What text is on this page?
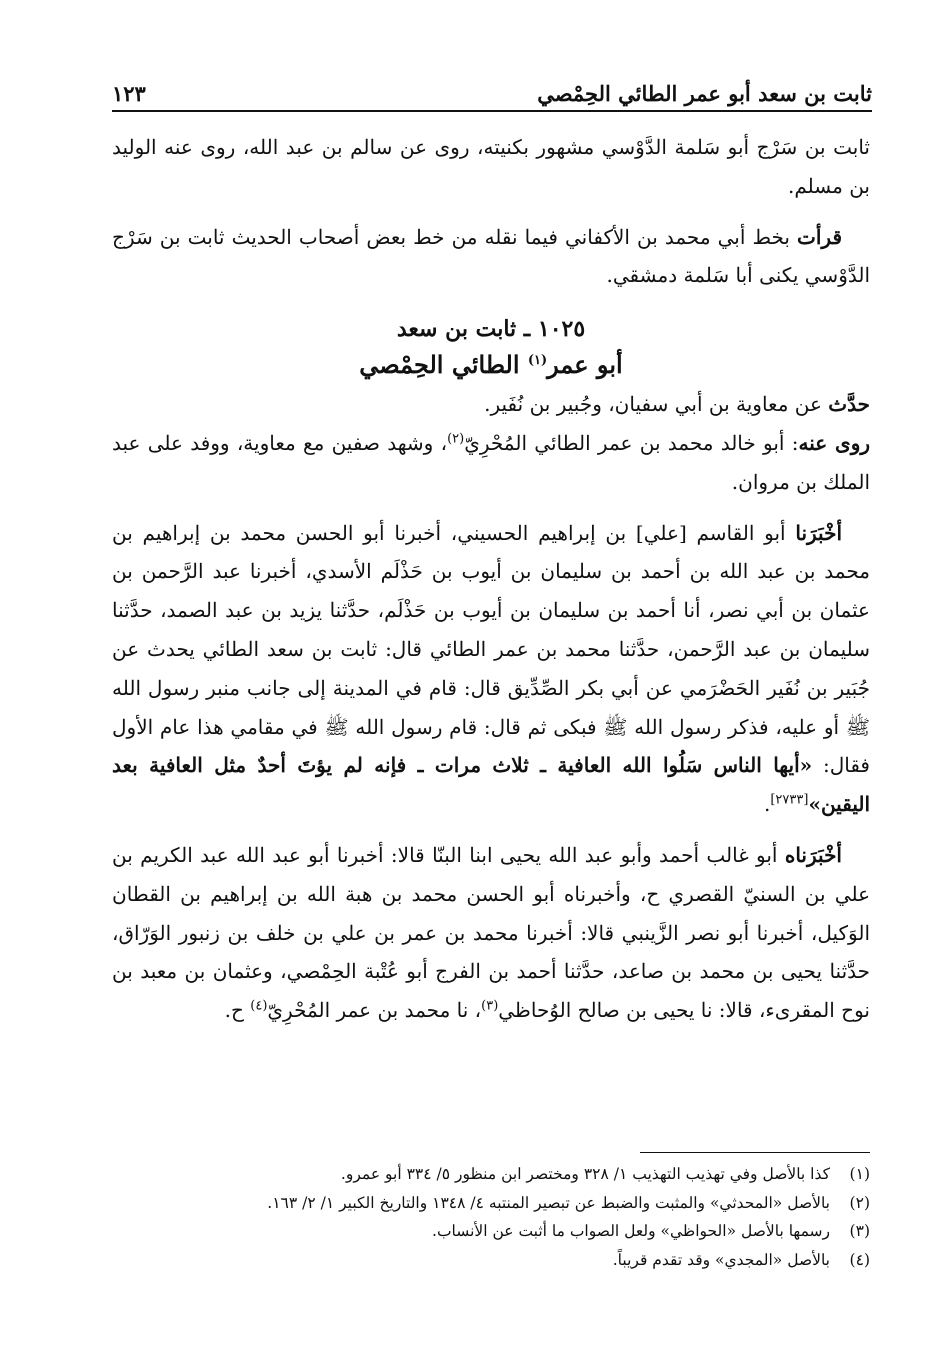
ثابت بن سعد أبو عمر الطائي الحِمْصي
١٢٣

ثابت بن سَرْج أبو سَلمة الدَّوْسي مشهور بكنيته، روى عن سالم بن عبد الله، روى عنه الوليد بن مسلم.

قرأت بخط أبي محمد بن الأكفاني فيما نقله من خط بعض أصحاب الحديث ثابت بن سَرْج الدَّوْسي يكنى أبا سَلمة دمشقي.

١٠٢٥ ـ ثابت بن سعد
أبو عمر$^{(١)}$ الطائي الحِمْصي

حدَّث عن معاوية بن أبي سفيان، وجُبير بن نُفَير.

روى عنه: أبو خالد محمد بن عمر الطائي المُحْرِيّ$^{(٢)}$، وشهد صفين مع معاوية، ووفد على عبد الملك بن مروان.

أخْبَرَنا أبو القاسم [علي] بن إبراهيم الحسيني، أخبرنا أبو الحسن محمد بن إبراهيم بن محمد بن عبد الله بن أحمد بن سليمان بن أيوب بن حَذْلَم الأسدي، أخبرنا عبد الرَّحمن بن عثمان بن أبي نصر، أنا أحمد بن سليمان بن أيوب بن حَذْلَم، حدَّثنا يزيد بن عبد الصمد، حدَّثنا سليمان بن عبد الرَّحمن، حدَّثنا محمد بن عمر الطائي قال: ثابت بن سعد الطائي يحدث عن جُبَير بن نُفَير الحَضْرَمي عن أبي بكر الصِّدِّيق قال: قام في المدينة إلى جانب منبر رسول الله ﷺ أو عليه، فذكر رسول الله ﷺ فبكى ثم قال: قام رسول الله ﷺ في مقامي هذا عام الأول فقال: «أيها الناس سَلُوا الله العافية ـ ثلاث مرات ـ فإنه لم يؤتَ أحدٌ مثل العافية بعد اليقين»[٢٧٣٣].

أخْبَرَناه أبو غالب أحمد وأبو عبد الله يحيى ابنا البنّا قالا: أخبرنا أبو عبد الله عبد الكريم بن علي بن السنيّ القصري ح، وأخبرناه أبو الحسن محمد بن هبة الله بن إبراهيم بن القطان الوَكيل، أخبرنا أبو نصر الزَّينبي قالا: أخبرنا محمد بن عمر بن علي بن خلف بن زنبور الوَرّاق، حدَّثنا يحيى بن محمد بن صاعد، حدَّثنا أحمد بن الفرج أبو عُتْبة الحِمْصي، وعثمان بن معبد بن نوح المقرىء، قالا: نا يحيى بن صالح الوُحاظي$^{(٣)}$، نا محمد بن عمر المُحْرِيّ$^{(٤)}$ ح.

(١)
كذا بالأصل وفي تهذيب التهذيب ١/ ٣٢٨ ومختصر ابن منظور ٥/ ٣٣٤ أبو عمرو.
(٢)
بالأصل «المحدثي» والمثبت والضبط عن تبصير المنتبه ٤/ ١٣٤٨ والتاريخ الكبير ١/ ٢/ ١٦٣.
(٣)
رسمها بالأصل «الحواظي» ولعل الصواب ما أثبت عن الأنساب.
(٤)
بالأصل «المجدي» وقد تقدم قريباً.
